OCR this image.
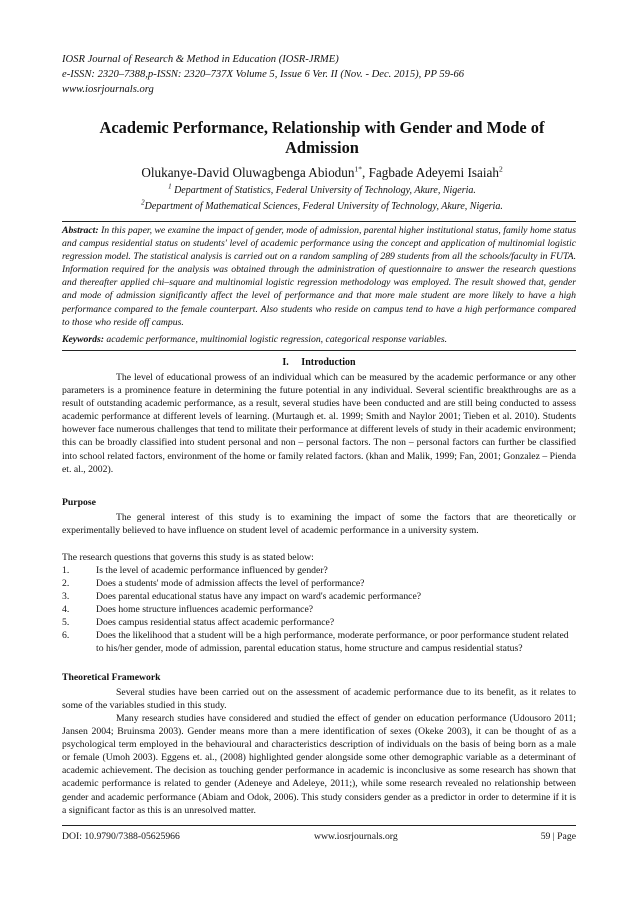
IOSR Journal of Research & Method in Education (IOSR-JRME)
e-ISSN: 2320–7388,p-ISSN: 2320–737X Volume 5, Issue 6 Ver. II (Nov. - Dec. 2015), PP 59-66
www.iosrjournals.org
Academic Performance, Relationship with Gender and Mode of
Admission
Olukanye-David Oluwagbenga Abiodun$^{1*}$, Fagbade Adeyemi Isaiah$^2$
$^1$ Department of Statistics, Federal University of Technology, Akure, Nigeria.
$^2$Department of Mathematical Sciences, Federal University of Technology, Akure, Nigeria.
Abstract: In this paper, we examine the impact of gender, mode of admission, parental higher institutional status, family home status and campus residential status on students' level of academic performance using the concept and application of multinomial logistic regression model. The statistical analysis is carried out on a random sampling of 289 students from all the schools/faculty in FUTA. Information required for the analysis was obtained through the administration of questionnaire to answer the research questions and thereafter applied chi–square and multinomial logistic regression methodology was employed. The result showed that, gender and mode of admission significantly affect the level of performance and that more male student are more likely to have a high performance compared to the female counterpart. Also students who reside on campus tend to have a high performance compared to those who reside off campus.
Keywords: academic performance, multinomial logistic regression, categorical response variables.
I.     Introduction
The level of educational prowess of an individual which can be measured by the academic performance or any other parameters is a prominence feature in determining the future potential in any individual. Several scientific breakthroughs are as a result of outstanding academic performance, as a result, several studies have been conducted and are still being conducted to assess academic performance at different levels of learning. (Murtaugh et. al. 1999; Smith and Naylor 2001; Tieben et al. 2010). Students however face numerous challenges that tend to militate their performance at different levels of study in their academic environment; this can be broadly classified into student personal and non – personal factors. The non – personal factors can further be classified into school related factors, environment of the home or family related factors. (khan and Malik, 1999; Fan, 2001; Gonzalez – Pienda et. al., 2002).
Purpose
The general interest of this study is to examining the impact of some the factors that are theoretically or experimentally believed to have influence on student level of academic performance in a university system.
The research questions that governs this study is as stated below:
1.	Is the level of academic performance influenced by gender?
2.	Does a students' mode of admission affects the level of performance?
3.	Does parental educational status have any impact on ward's academic performance?
4.	Does home structure influences academic performance?
5.	Does campus residential status affect academic performance?
6.	Does the likelihood that a student will be a high performance, moderate performance, or poor performance student related to his/her gender, mode of admission, parental education status, home structure and campus residential status?
Theoretical Framework
Several studies have been carried out on the assessment of academic performance due to its benefit, as it relates to some of the variables studied in this study.
Many research studies have considered and studied the effect of gender on education performance (Udousoro 2011; Jansen 2004; Bruinsma 2003). Gender means more than a mere identification of sexes (Okeke 2003), it can be thought of as a psychological term employed in the behavioural and characteristics description of individuals on the basis of being born as a male or female (Umoh 2003). Eggens et. al., (2008) highlighted gender alongside some other demographic variable as a determinant of academic achievement. The decision as touching gender performance in academic is inconclusive as some research has shown that academic performance is related to gender (Adeneye and Adeleye, 2011;), while some research revealed no relationship between gender and academic performance (Abiam and Odok, 2006). This study considers gender as a predictor in order to determine if it is a significant factor as this is an unresolved matter.
DOI: 10.9790/7388-05625966	www.iosrjournals.org	59 | Page
